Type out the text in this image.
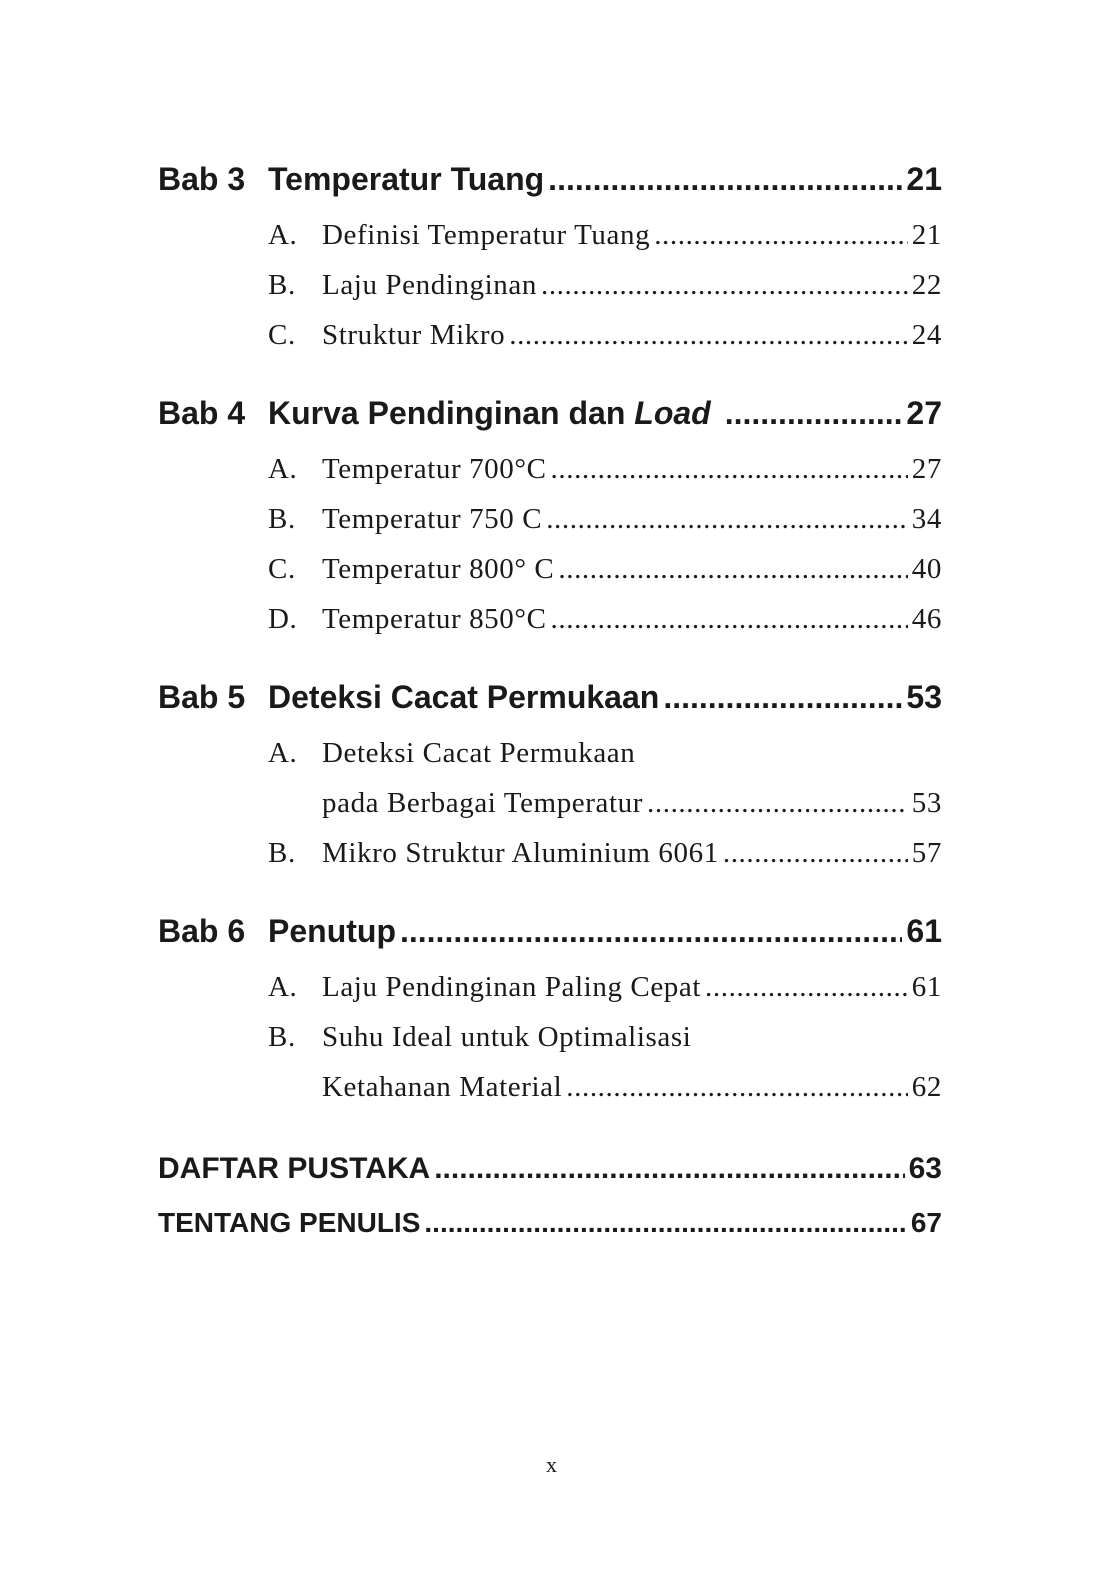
Bab 3 Temperatur Tuang .....	21
A. Definisi Temperatur Tuang .....	21
B. Laju Pendinginan .....	22
C. Struktur Mikro .....	24
Bab 4 Kurva Pendinginan dan Load .....	27
A. Temperatur 700°C .....	27
B. Temperatur 750 C .....	34
C. Temperatur 800° C .....	40
D. Temperatur 850°C .....	46
Bab 5 Deteksi Cacat Permukaan .....	53
A. Deteksi Cacat Permukaan
pada Berbagai Temperatur .....	53
B. Mikro Struktur Aluminium 6061 .....	57
Bab 6 Penutup .....	61
A. Laju Pendinginan Paling Cepat .....	61
B. Suhu Ideal untuk Optimalisasi
Ketahanan Material .....	62
DAFTAR PUSTAKA .....	63
TENTANG PENULIS .....	67
x
